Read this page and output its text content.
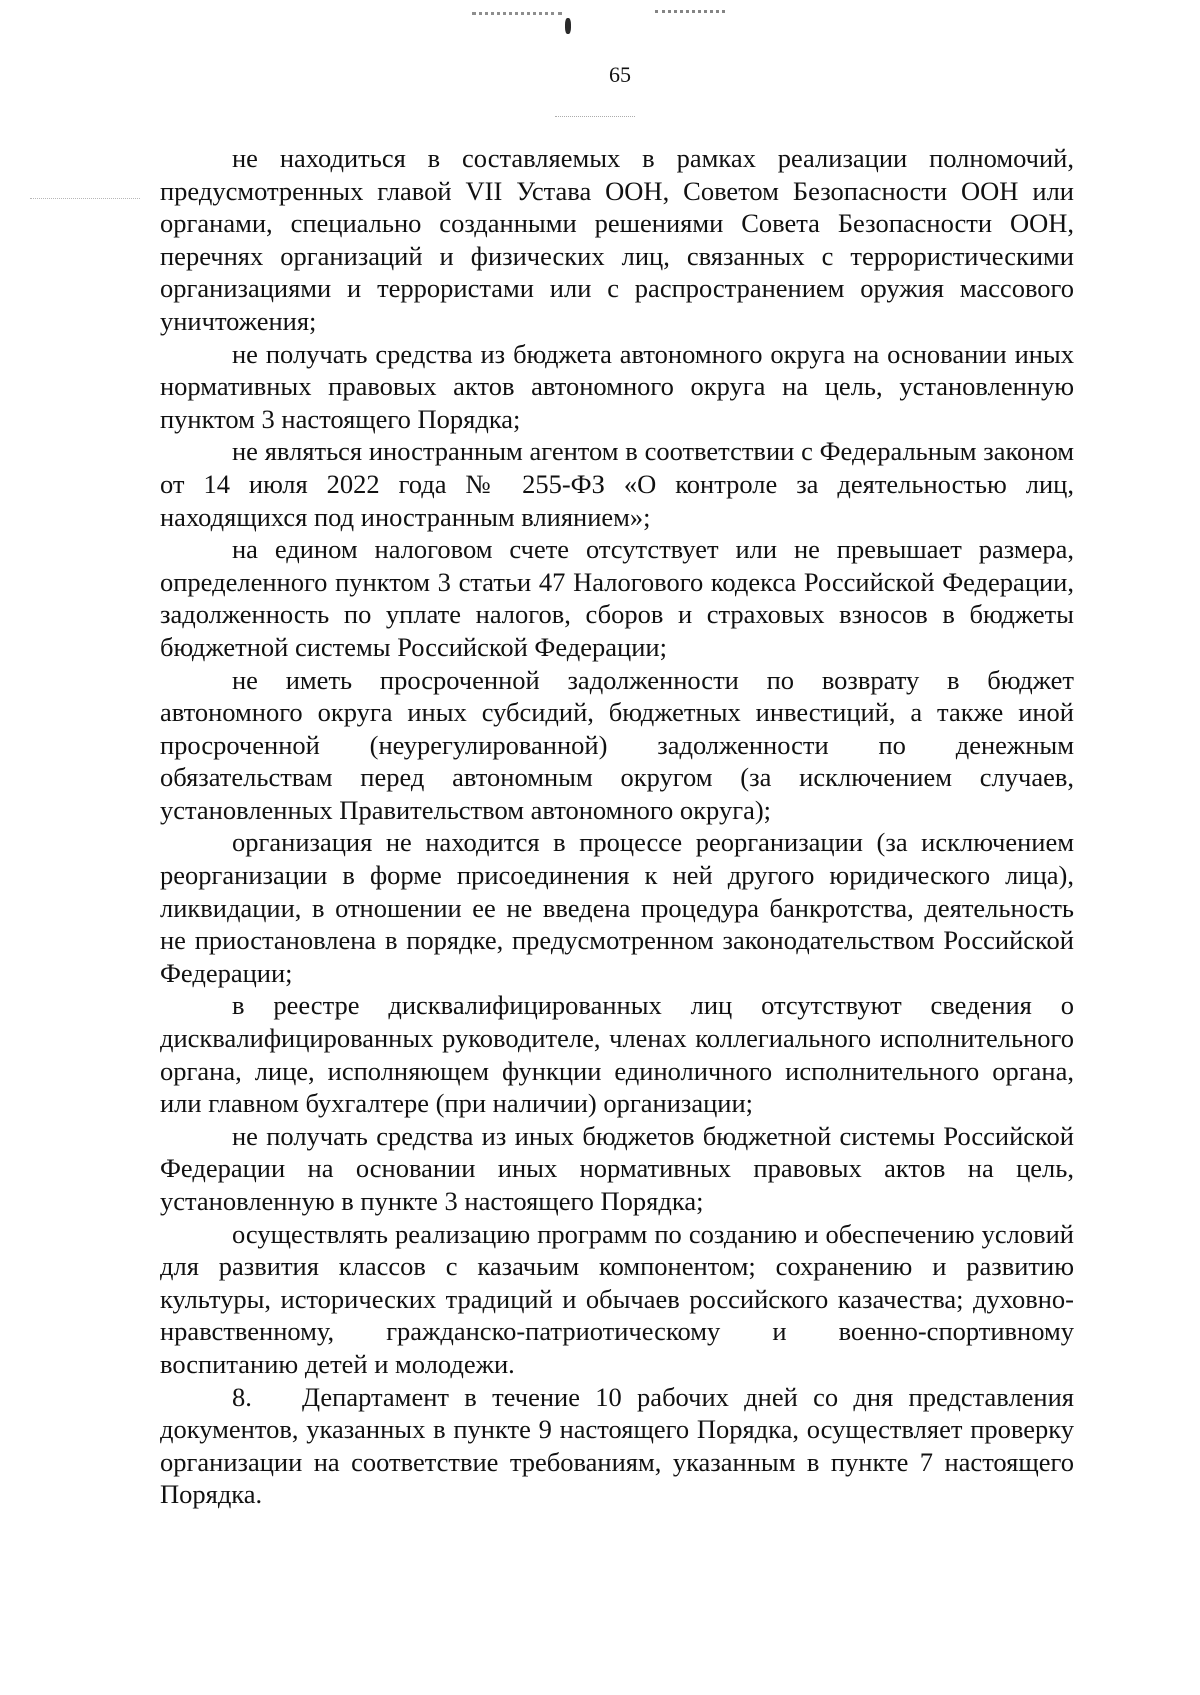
65

не находиться в составляемых в рамках реализации полномочий, предусмотренных главой VII Устава ООН, Советом Безопасности ООН или органами, специально созданными решениями Совета Безопасности ООН, перечнях организаций и физических лиц, связанных с террористическими организациями и террористами или с распространением оружия массового уничтожения;

не получать средства из бюджета автономного округа на основании иных нормативных правовых актов автономного округа на цель, установленную пунктом 3 настоящего Порядка;

не являться иностранным агентом в соответствии с Федеральным законом от 14 июля 2022 года № 255-ФЗ «О контроле за деятельностью лиц, находящихся под иностранным влиянием»;

на едином налоговом счете отсутствует или не превышает размера, определенного пунктом 3 статьи 47 Налогового кодекса Российской Федерации, задолженность по уплате налогов, сборов и страховых взносов в бюджеты бюджетной системы Российской Федерации;

не иметь просроченной задолженности по возврату в бюджет автономного округа иных субсидий, бюджетных инвестиций, а также иной просроченной (неурегулированной) задолженности по денежным обязательствам перед автономным округом (за исключением случаев, установленных Правительством автономного округа);

организация не находится в процессе реорганизации (за исключением реорганизации в форме присоединения к ней другого юридического лица), ликвидации, в отношении ее не введена процедура банкротства, деятельность не приостановлена в порядке, предусмотренном законодательством Российской Федерации;

в реестре дисквалифицированных лиц отсутствуют сведения о дисквалифицированных руководителе, членах коллегиального исполнительного органа, лице, исполняющем функции единоличного исполнительного органа, или главном бухгалтере (при наличии) организации;

не получать средства из иных бюджетов бюджетной системы Российской Федерации на основании иных нормативных правовых актов на цель, установленную в пункте 3 настоящего Порядка;

осуществлять реализацию программ по созданию и обеспечению условий для развития классов с казачьим компонентом; сохранению и развитию культуры, исторических традиций и обычаев российского казачества; духовно-нравственному, гражданско-патриотическому и военно-спортивному воспитанию детей и молодежи.

8. Департамент в течение 10 рабочих дней со дня представления документов, указанных в пункте 9 настоящего Порядка, осуществляет проверку организации на соответствие требованиям, указанным в пункте 7 настоящего Порядка.
